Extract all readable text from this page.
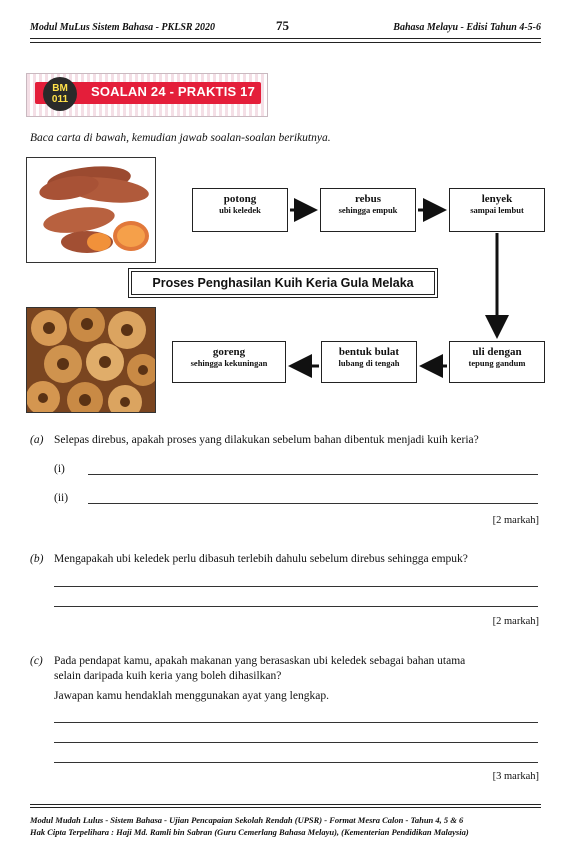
Modul MuLus Sistem Bahasa - PKLSR 2020	75	Bahasa Melayu - Edisi Tahun 4-5-6
BM
011
SOALAN 24 - PRAKTIS 17
Baca carta di bawah, kemudian jawab soalan-soalan berikutnya.
potong
ubi keledek
rebus
sehingga empuk
lenyek
sampai lembut
goreng
sehingga kekuningan
bentuk bulat
lubang di tengah
uli dengan
tepung gandum
Proses Penghasilan Kuih Keria Gula Melaka
(a) Selepas direbus, apakah proses yang dilakukan sebelum bahan dibentuk menjadi kuih keria?
(i)
(ii)
[2 markah]
(b) Mengapakah ubi keledek perlu dibasuh terlebih dahulu sebelum direbus sehingga empuk?
[2 markah]
(c) Pada pendapat kamu, apakah makanan yang berasaskan ubi keledek sebagai bahan utama
selain daripada kuih keria yang boleh dihasilkan?
Jawapan kamu hendaklah menggunakan ayat yang lengkap.
[3 markah]
Modul Mudah Lulus - Sistem Bahasa - Ujian Pencapaian Sekolah Rendah (UPSR) - Format Mesra Calon - Tahun 4, 5 & 6
Hak Cipta Terpelihara : Haji Md. Ramli bin Sabran (Guru Cemerlang Bahasa Melayu), (Kementerian Pendidikan Malaysia)
